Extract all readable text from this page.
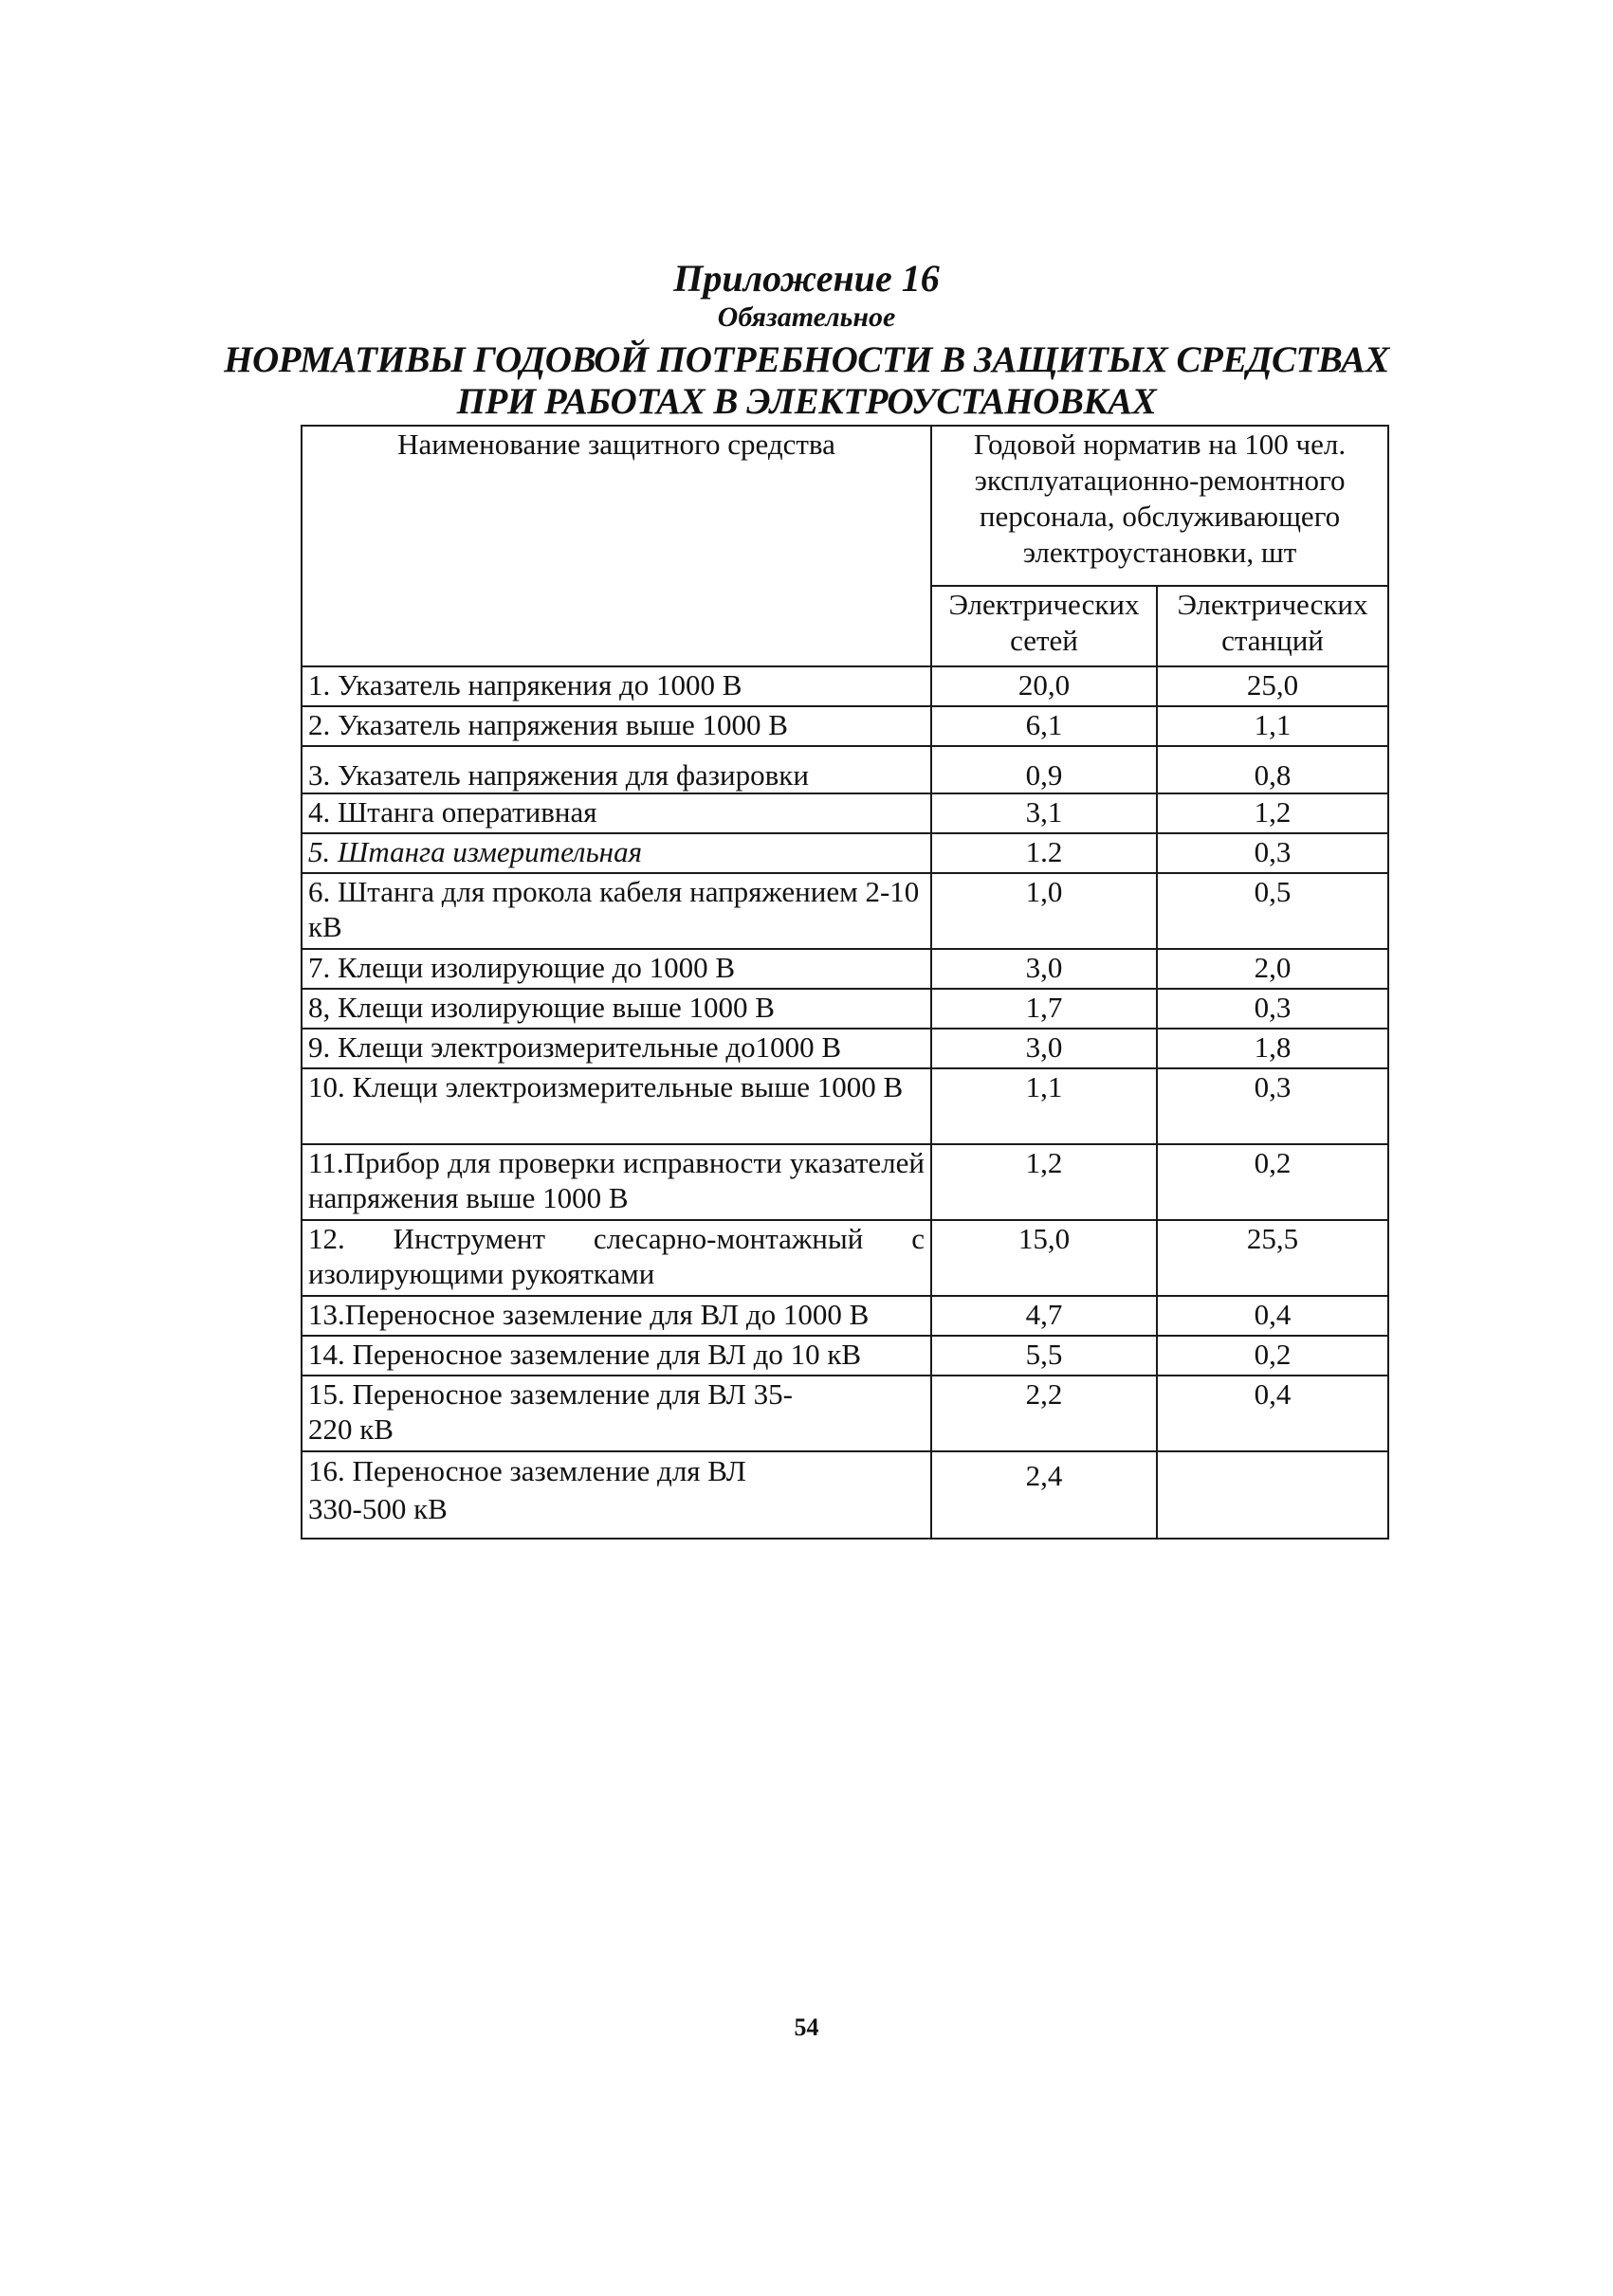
Приложение 16
Обязательное
НОРМАТИВЫ ГОДОВОЙ ПОТРЕБНОСТИ В ЗАЩИТЫХ СРЕДСТВАХ
ПРИ РАБОТАХ В ЭЛЕКТРОУСТАНОВКАХ
Наименование защитного средства	Годовой норматив на 100 чел. эксплуатационно-ремонтного персонала, обслуживающего электроустановки, шт	
	Электрических сетей	Электрических станций
1. Указатель напрякения до 1000 В	20,0	25,0
2. Указатель напряжения выше 1000 В	6,1	1,1
3. Указатель напряжения для фазировки	0,9	0,8
4. Штанга оперативная	3,1	1,2
5. Штанга измерительная	1.2	0,3
6. Штанга для прокола кабеля напряжением 2-10 кВ	1,0	0,5
7. Клещи изолирующие до 1000 В	3,0	2,0
8, Клещи изолирующие выше 1000 В	1,7	0,3
9. Клещи электроизмерительные до1000 В	3,0	1,8
10. Клещи электроизмерительные выше 1000 В	1,1	0,3
11.Прибор для проверки исправности указателей напряжения выше 1000 В	1,2	0,2
12. Инструмент слесарно-монтажный с изолирующими рукоятками	15,0	25,5
13.Переносное заземление для ВЛ до 1000 В	4,7	0,4
14. Переносное заземление для ВЛ до 10 кВ	5,5	0,2
15. Переносное заземление для ВЛ 35-220 кВ	2,2	0,4
16. Переносное заземление для ВЛ 330-500 кВ	2,4	
54
